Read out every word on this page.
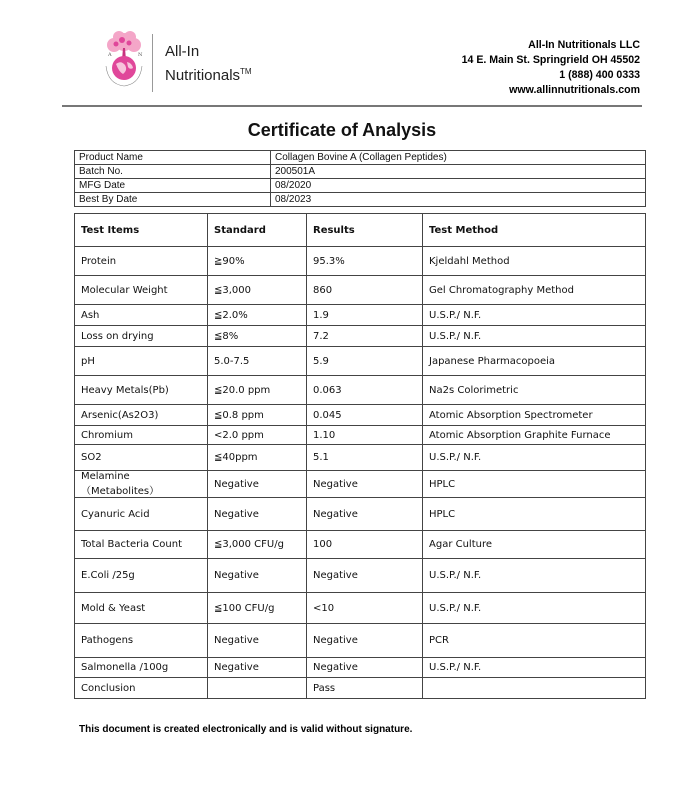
A	N All-In
Nutritionals™
All-In Nutritionals LLC
14 E. Main St. Springrield OH 45502
1 (888) 400 0333
www.allinnutritionals.com
Certificate of Analysis
Product Name	Collagen Bovine A (Collagen Peptides)
Batch No.	200501A
MFG Date	08/2020
Best By Date	08/2023
Test Items	Standard	Results	Test Method
Protein	≧90%	95.3%	Kjeldahl Method
Molecular Weight	≦3,000	860	Gel Chromatography Method
Ash	≦2.0%	1.9	U.S.P./ N.F.
Loss on drying	≦8%	7.2	U.S.P./ N.F.
pH	5.0-7.5	5.9	Japanese Pharmacopoeia
Heavy Metals(Pb)	≦20.0 ppm	0.063	Na2s Colorimetric
Arsenic(As2O3)	≦0.8 ppm	0.045	Atomic Absorption Spectrometer
Chromium	<2.0 ppm	1.10	Atomic Absorption Graphite Furnace
SO2	≦40ppm	5.1	U.S.P./ N.F.
Melamine（Metabolites）	Negative	Negative	HPLC
Cyanuric Acid	Negative	Negative	HPLC
Total Bacteria Count	≦3,000 CFU/g	100	Agar Culture
E.Coli /25g	Negative	Negative	U.S.P./ N.F.
Mold & Yeast	≦100 CFU/g	<10	U.S.P./ N.F.
Pathogens	Negative	Negative	PCR
Salmonella /100g	Negative	Negative	U.S.P./ N.F.
Conclusion		Pass	
This document is created electronically and is valid without signature.
